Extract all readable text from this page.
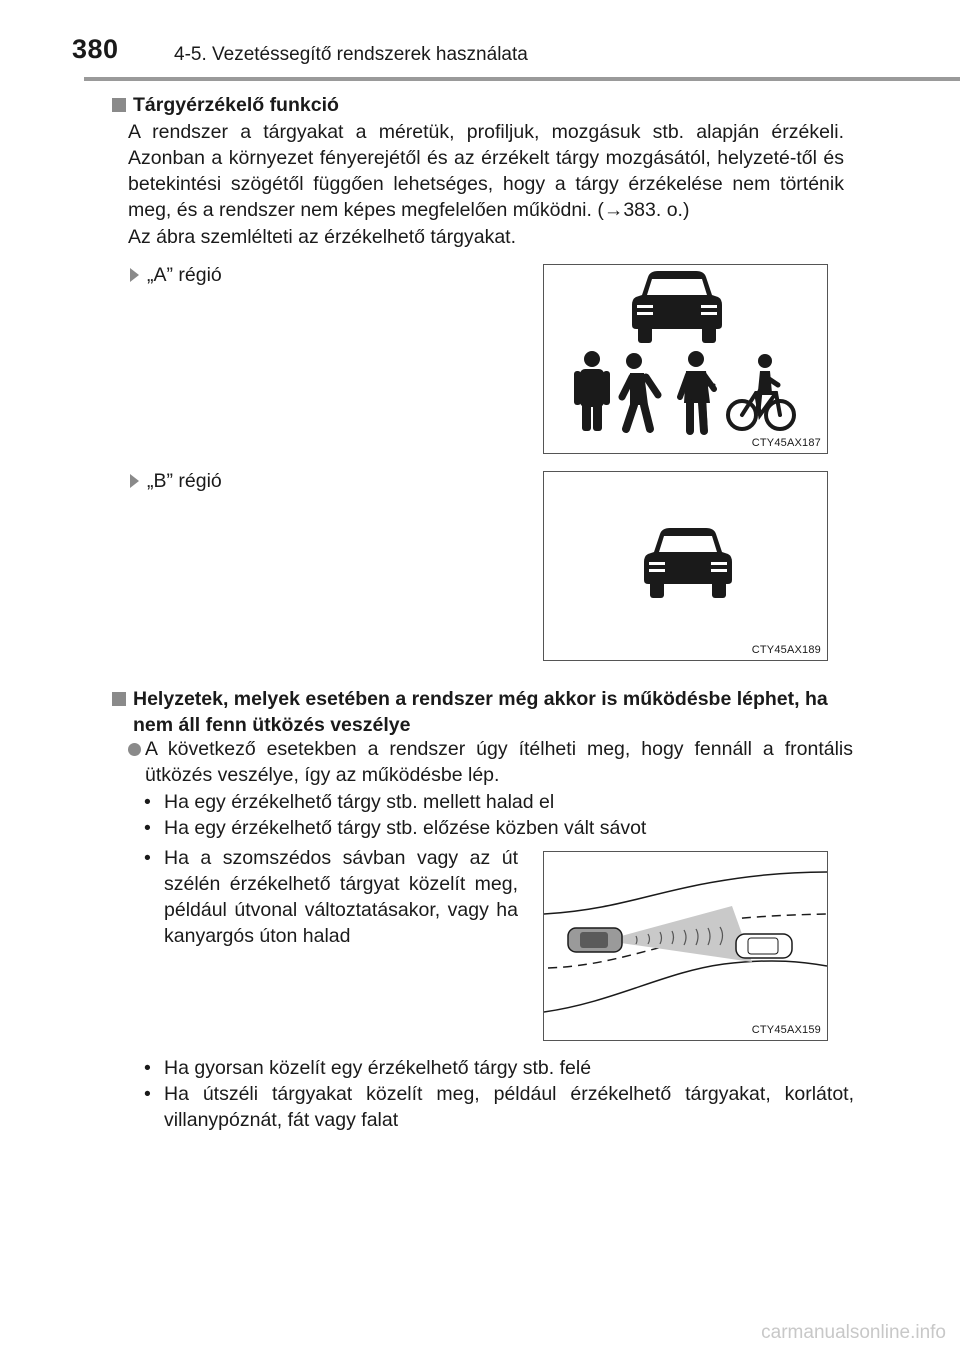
380	4-5. Vezetéssegítő rendszerek használata
Tárgyérzékelő funkció
A rendszer a tárgyakat a méretük, profiljuk, mozgásuk stb. alapján érzékeli. Azonban a környezet fényerejétől és az érzékelt tárgy mozgásától, helyzeté-től és betekintési szögétől függően lehetséges, hogy a tárgy érzékelése nem történik meg, és a rendszer nem képes megfelelően működni. (→383. o.)
Az ábra szemlélteti az érzékelhető tárgyakat.
„A” régió
CTY45AX187
„B” régió
CTY45AX189
Helyzetek, melyek esetében a rendszer még akkor is működésbe léphet, ha nem áll fenn ütközés veszélye
A következő esetekben a rendszer úgy ítélheti meg, hogy fennáll a frontális ütközés veszélye, így az működésbe lép.
• Ha egy érzékelhető tárgy stb. mellett halad el
• Ha egy érzékelhető tárgy stb. előzése közben vált sávot
• Ha a szomszédos sávban vagy az út szélén érzékelhető tárgyat közelít meg, például útvonal változtatásakor, vagy ha kanyargós úton halad
CTY45AX159
• Ha gyorsan közelít egy érzékelhető tárgy stb. felé
• Ha útszéli tárgyakat közelít meg, például érzékelhető tárgyakat, korlátot, villanypóznát, fát vagy falat
carmanualsonline.info
